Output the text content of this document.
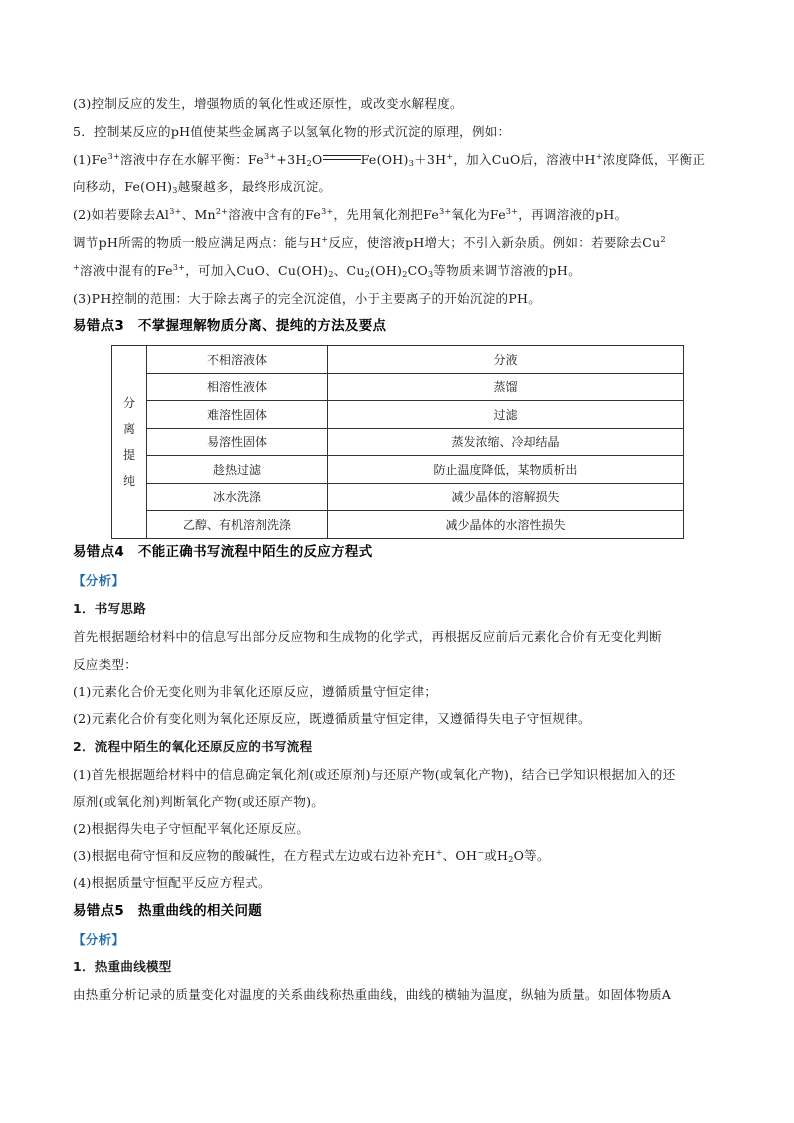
(3)控制反应的发生，增强物质的氧化性或还原性，或改变水解程度。
5．控制某反应的pH值使某些金属离子以氢氧化物的形式沉淀的原理，例如：
$(1)Fe^{3+}$溶液中存在水解平衡：$Fe^{3+}+3H_2O$	$Fe(OH)_3+3H^+$，加入CuO后，溶液中H+浓度降低，平衡正
向移动，$Fe(OH)_3$越聚越多，最终形成沉淀。
(2)如若要除去$Al^{3+}$、$Mn^{2+}$溶液中含有的$Fe^{3+}$，先用氧化剂把$Fe^{3+}$氧化为$Fe^{3+}$，再调溶液的pH。
调节pH所需的物质一般应满足两点：能与H+反应，使溶液pH增大；不引入新杂质。例如：若要除去Cu$^2$
+溶液中混有的$Fe^{3+}$，可加入CuO、$Cu(OH)_2$、$Cu_2(OH)_2CO_3$等物质来调节溶液的pH。
(3)PH控制的范围：大于除去离子的完全沉淀值，小于主要离子的开始沉淀的PH。
易错点3　不掌握理解物质分离、提纯的方法及要点
分
离
提
纯	不相溶液体	分液
	相溶性液体	蒸馏
	难溶性固体	过滤
	易溶性固体	蒸发浓缩、冷却结晶
	趁热过滤	防止温度降低，某物质析出
	冰水洗涤	减少晶体的溶解损失
	乙醇、有机溶剂洗涤	减少晶体的水溶性损失
易错点4　不能正确书写流程中陌生的反应方程式
【分析】
1．书写思路
首先根据题给材料中的信息写出部分反应物和生成物的化学式，再根据反应前后元素化合价有无变化判断
反应类型：
(1)元素化合价无变化则为非氧化还原反应，遵循质量守恒定律；
(2)元素化合价有变化则为氧化还原反应，既遵循质量守恒定律，又遵循得失电子守恒规律。
2．流程中陌生的氧化还原反应的书写流程
(1)首先根据题给材料中的信息确定氧化剂(或还原剂)与还原产物(或氧化产物)，结合已学知识根据加入的还
原剂(或氧化剂)判断氧化产物(或还原产物)。
(2)根据得失电子守恒配平氧化还原反应。
(3)根据电荷守恒和反应物的酸碱性，在方程式左边或右边补充H+、OH−或$H_2O$等。
(4)根据质量守恒配平反应方程式。
易错点5　热重曲线的相关问题
【分析】
1．热重曲线模型
由热重分析记录的质量变化对温度的关系曲线称热重曲线，曲线的横轴为温度，纵轴为质量。如固体物质A
